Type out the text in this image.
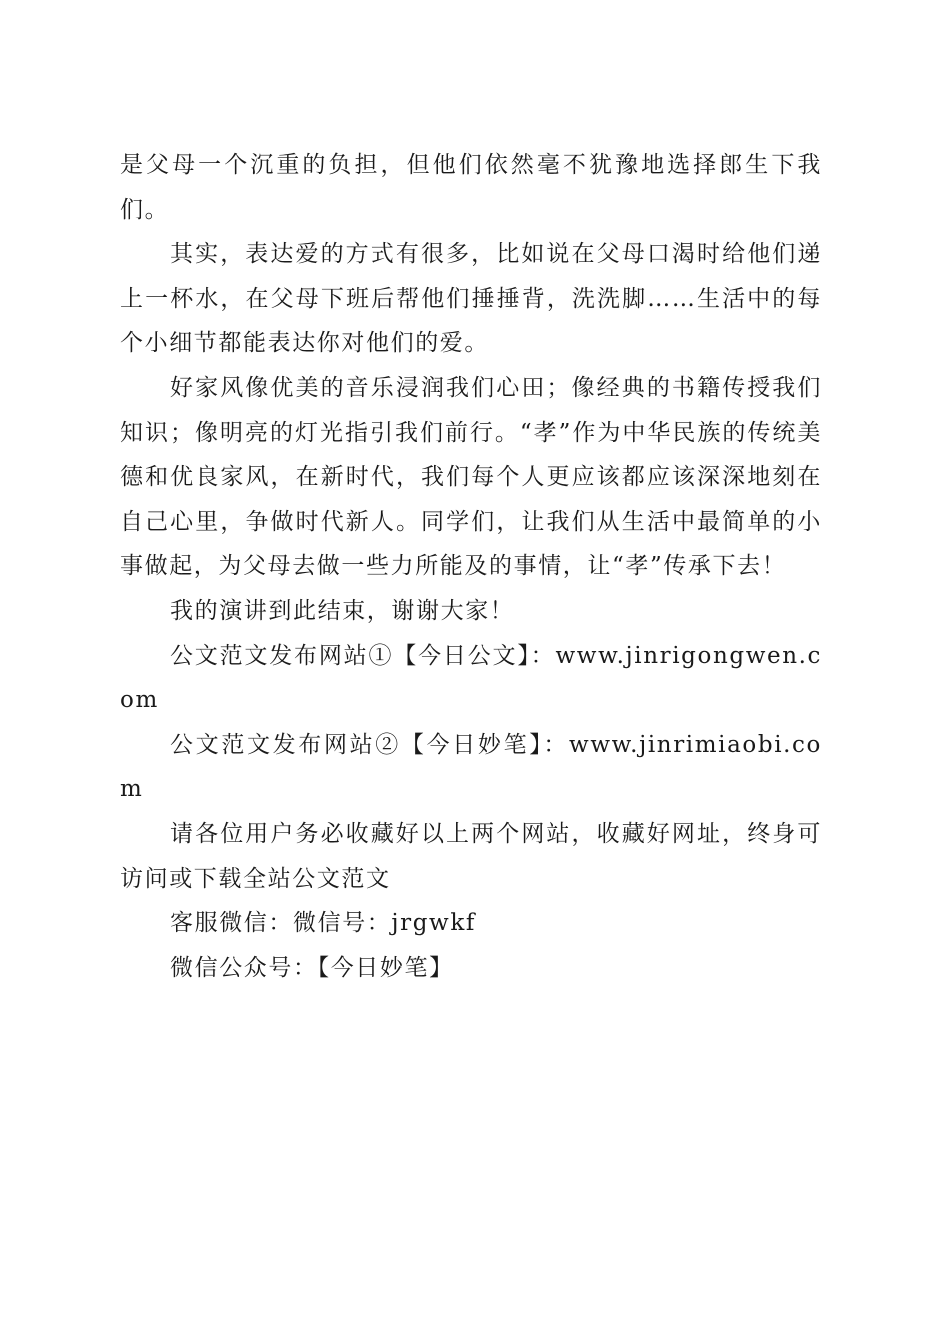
是父母一个沉重的负担，但他们依然毫不犹豫地选择郎生下我们。

其实，表达爱的方式有很多，比如说在父母口渴时给他们递上一杯水，在父母下班后帮他们捶捶背，洗洗脚……生活中的每个小细节都能表达你对他们的爱。

好家风像优美的音乐浸润我们心田；像经典的书籍传授我们知识；像明亮的灯光指引我们前行。“孝”作为中华民族的传统美德和优良家风，在新时代，我们每个人更应该都应该深深地刻在自己心里，争做时代新人。同学们，让我们从生活中最简单的小事做起，为父母去做一些力所能及的事情，让“孝”传承下去！

我的演讲到此结束，谢谢大家！

公文范文发布网站①【今日公文】：www.jinrigongwen.com

公文范文发布网站②【今日妙笔】：www.jinrimiaobi.com

请各位用户务必收藏好以上两个网站，收藏好网址，终身可访问或下载全站公文范文

客服微信：微信号：jrgwkf

微信公众号：【今日妙笔】
